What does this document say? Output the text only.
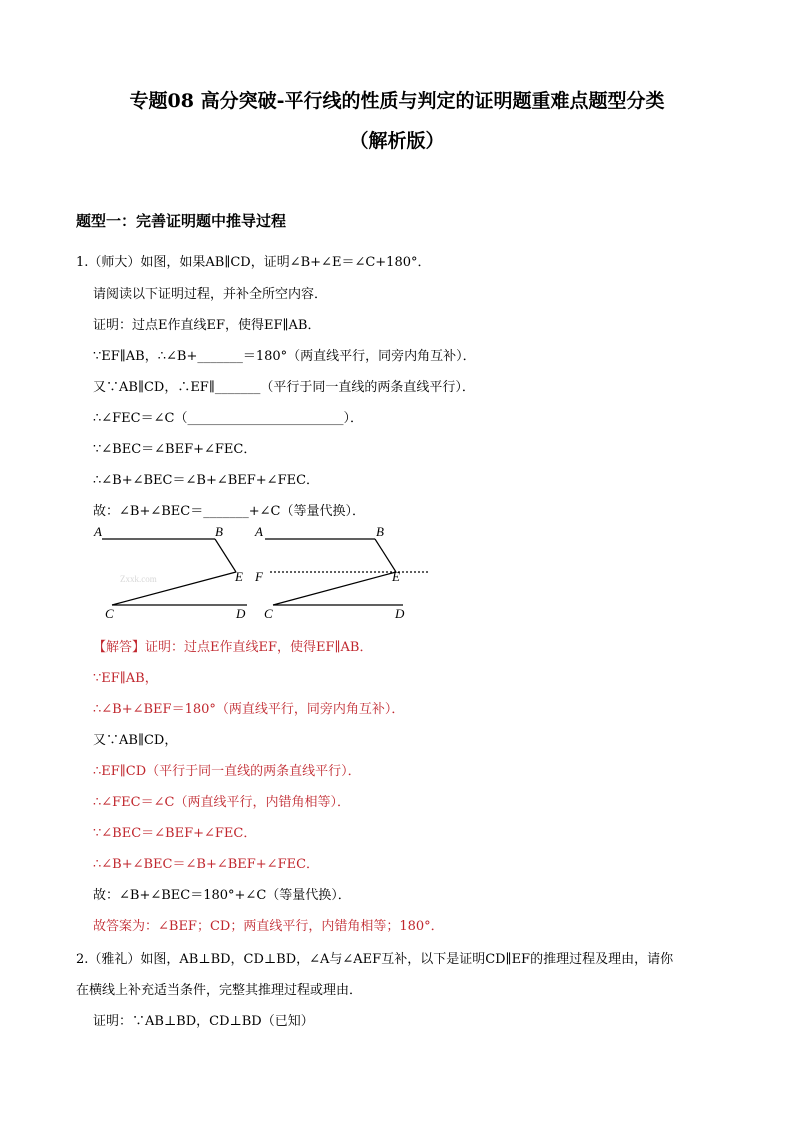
专题08 高分突破-平行线的性质与判定的证明题重难点题型分类
（解析版）
题型一：完善证明题中推导过程
1.（师大）如图，如果AB∥CD，证明∠B+∠E＝∠C+180°．
请阅读以下证明过程，并补全所空内容．
证明：过点E作直线EF，使得EF∥AB．
∵EF∥AB，∴∠B+_______＝180°（两直线平行，同旁内角互补）．
又∵AB∥CD，∴EF∥_______（平行于同一直线的两条直线平行）．
∴∠FEC＝∠C（________________________）．
∵∠BEC＝∠BEF+∠FEC．
∴∠B+∠BEC＝∠B+∠BEF+∠FEC．
故：∠B+∠BEC＝_______+∠C（等量代换）．
A	B
E
C	D
Zxxk.com
A	B
F	E
C	D
【解答】证明：过点E作直线EF，使得EF∥AB．
∵EF∥AB，
∴∠B+∠BEF＝180°（两直线平行，同旁内角互补）．
又∵AB∥CD，
∴EF∥CD（平行于同一直线的两条直线平行）．
∴∠FEC＝∠C（两直线平行，内错角相等）．
∵∠BEC＝∠BEF+∠FEC．
∴∠B+∠BEC＝∠B+∠BEF+∠FEC．
故：∠B+∠BEC＝180°+∠C（等量代换）．
故答案为：∠BEF；CD；两直线平行，内错角相等；180°．
2.（雅礼）如图，AB⊥BD，CD⊥BD，∠A与∠AEF互补，以下是证明CD∥EF的推理过程及理由，请你
在横线上补充适当条件，完整其推理过程或理由．
证明：∵AB⊥BD，CD⊥BD（已知）
